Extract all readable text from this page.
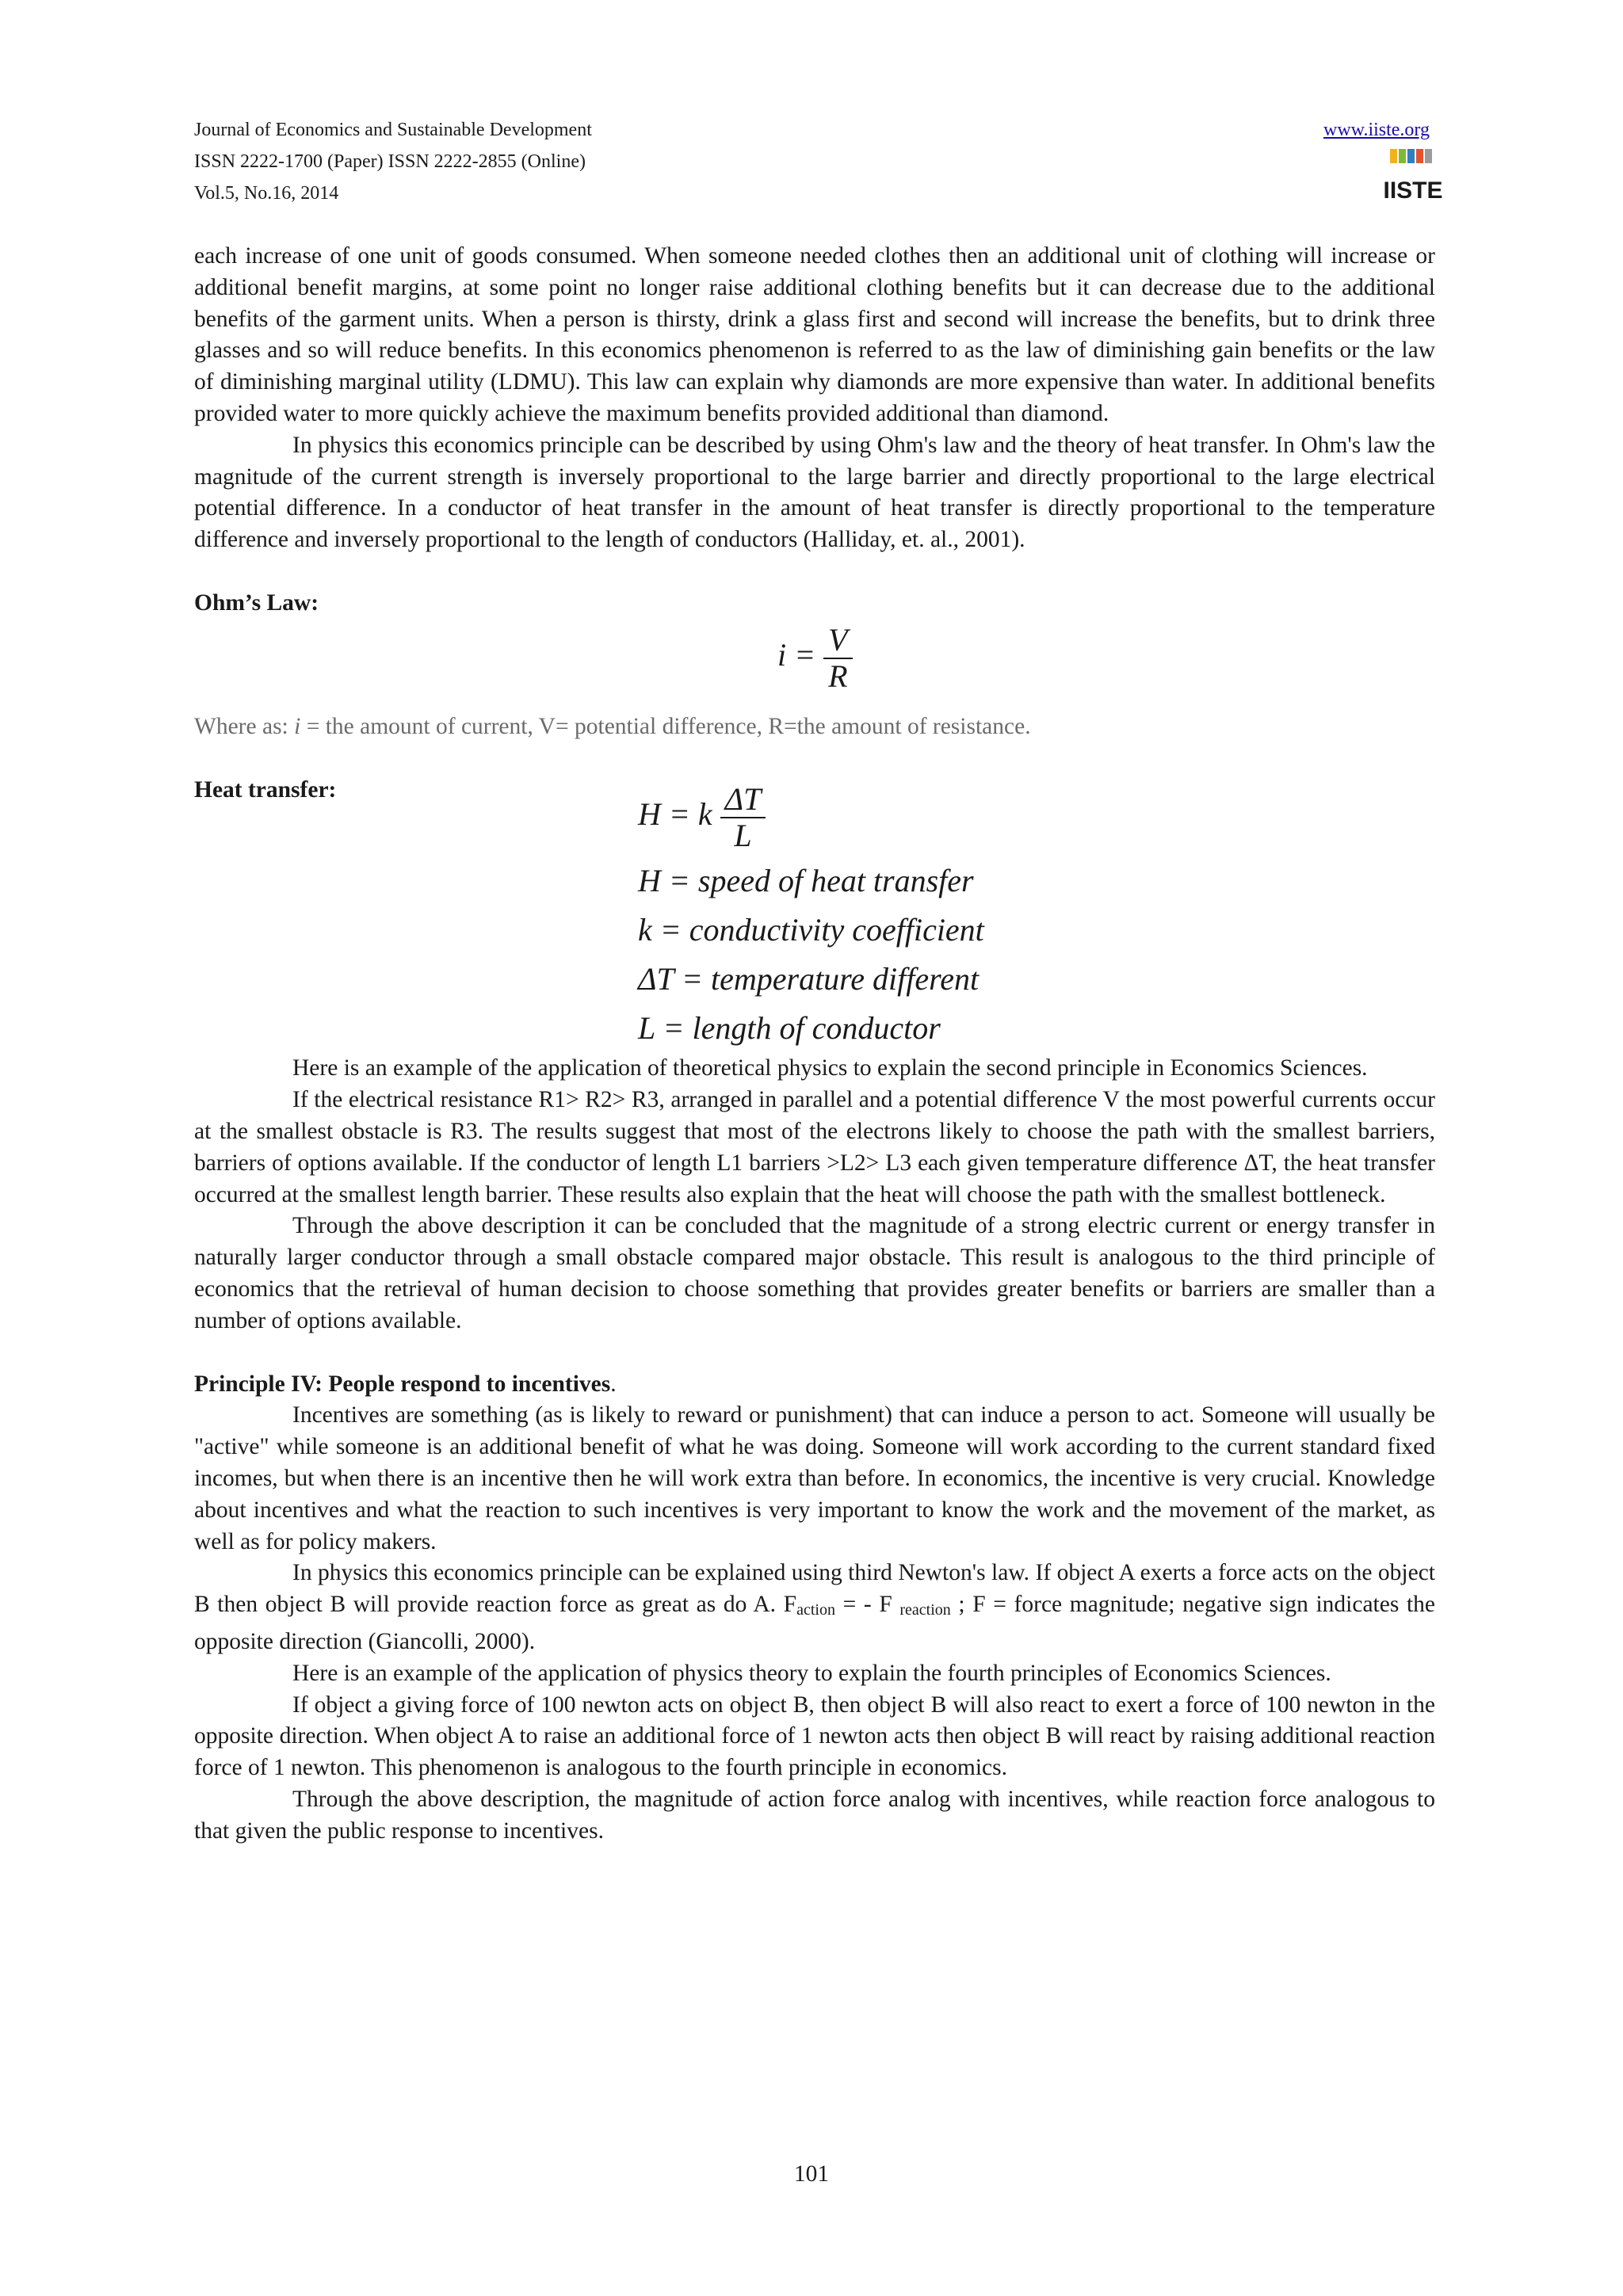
Journal of Economics and Sustainable Development
ISSN 2222-1700 (Paper) ISSN 2222-2855 (Online)
Vol.5, No.16, 2014
www.iiste.org
IISTE

each increase of one unit of goods consumed. When someone needed clothes then an additional unit of clothing will increase or additional benefit margins, at some point no longer raise additional clothing benefits but it can decrease due to the additional benefits of the garment units. When a person is thirsty, drink a glass first and second will increase the benefits, but to drink three glasses and so will reduce benefits. In this economics phenomenon is referred to as the law of diminishing gain benefits or the law of diminishing marginal utility (LDMU). This law can explain why diamonds are more expensive than water. In additional benefits provided water to more quickly achieve the maximum benefits provided additional than diamond.

In physics this economics principle can be described by using Ohm's law and the theory of heat transfer. In Ohm's law the magnitude of the current strength is inversely proportional to the large barrier and directly proportional to the large electrical potential difference. In a conductor of heat transfer in the amount of heat transfer is directly proportional to the temperature difference and inversely proportional to the length of conductors (Halliday, et. al., 2001).

Ohm’s Law:

$i = \frac{V}{R}$

Where as: i = the amount of current, V= potential difference, R=the amount of resistance.

Heat transfer:

H = k $\frac{\Delta T}{L}$
H = speed of heat transfer
k = conductivity coefficient
ΔT = temperature different
L = length of conductor

Here is an example of the application of theoretical physics to explain the second principle in Economics Sciences.

If the electrical resistance R1> R2> R3, arranged in parallel and a potential difference V the most powerful currents occur at the smallest obstacle is R3. The results suggest that most of the electrons likely to choose the path with the smallest barriers, barriers of options available. If the conductor of length L1 barriers >L2> L3 each given temperature difference ΔT, the heat transfer occurred at the smallest length barrier. These results also explain that the heat will choose the path with the smallest bottleneck.

Through the above description it can be concluded that the magnitude of a strong electric current or energy transfer in naturally larger conductor through a small obstacle compared major obstacle. This result is analogous to the third principle of economics that the retrieval of human decision to choose something that provides greater benefits or barriers are smaller than a number of options available.

Principle IV: People respond to incentives.

Incentives are something (as is likely to reward or punishment) that can induce a person to act. Someone will usually be "active" while someone is an additional benefit of what he was doing. Someone will work according to the current standard fixed incomes, but when there is an incentive then he will work extra than before. In economics, the incentive is very crucial. Knowledge about incentives and what the reaction to such incentives is very important to know the work and the movement of the market, as well as for policy makers.

In physics this economics principle can be explained using third Newton's law. If object A exerts a force acts on the object B then object B will provide reaction force as great as do A. $F_{action}$ = - F $_{reaction}$ ; F = force magnitude; negative sign indicates the opposite direction (Giancolli, 2000).

Here is an example of the application of physics theory to explain the fourth principles of Economics Sciences.

If object a giving force of 100 newton acts on object B, then object B will also react to exert a force of 100 newton in the opposite direction. When object A to raise an additional force of 1 newton acts then object B will react by raising additional reaction force of 1 newton. This phenomenon is analogous to the fourth principle in economics.

Through the above description, the magnitude of action force analog with incentives, while reaction force analogous to that given the public response to incentives.

101
